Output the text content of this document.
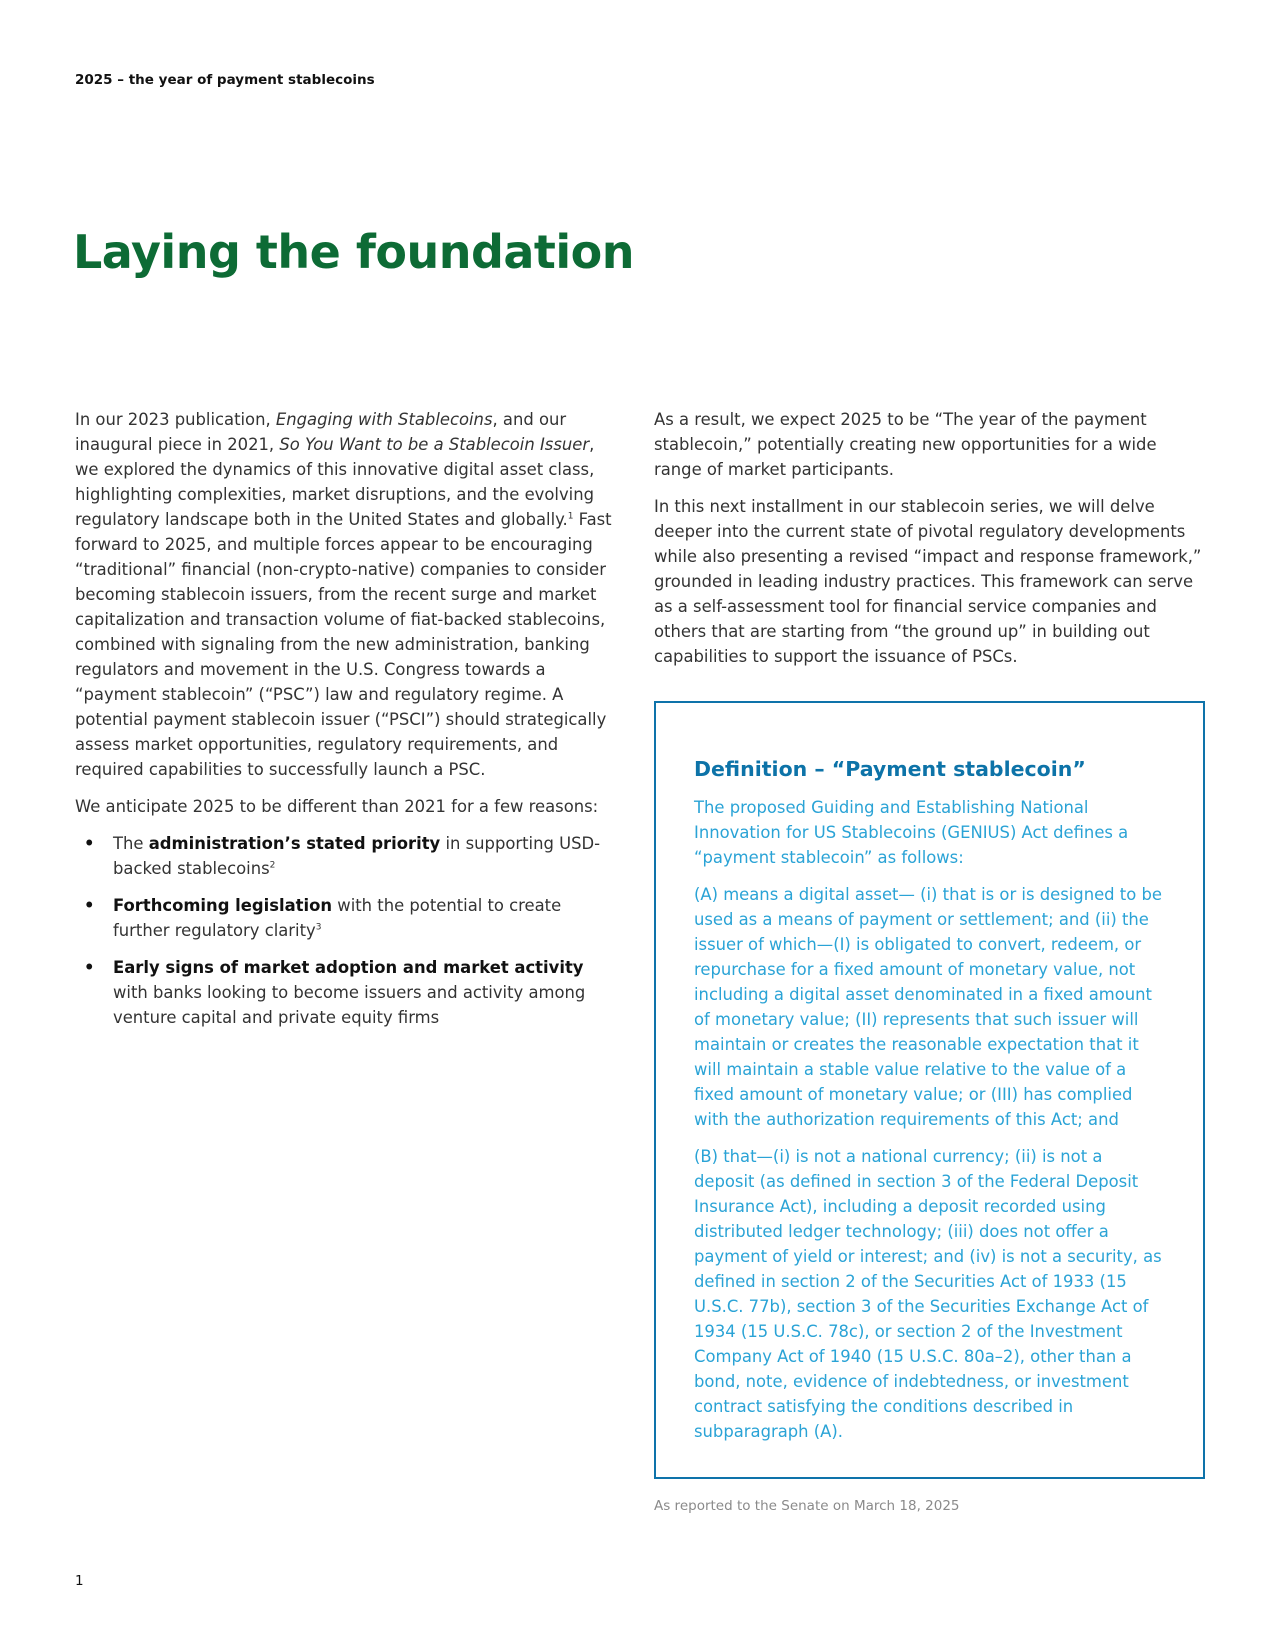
2025 – the year of payment stablecoins
Laying the foundation

In our 2023 publication, Engaging with Stablecoins, and our inaugural piece in 2021, So You Want to be a Stablecoin Issuer, we explored the dynamics of this innovative digital asset class, highlighting complexities, market disruptions, and the evolving regulatory landscape both in the United States and globally.$^1$ Fast forward to 2025, and multiple forces appear to be encouraging “traditional” financial (non-crypto-native) companies to consider becoming stablecoin issuers, from the recent surge and market capitalization and transaction volume of fiat-backed stablecoins, combined with signaling from the new administration, banking regulators and movement in the U.S. Congress towards a “payment stablecoin” (“PSC”) law and regulatory regime. A potential payment stablecoin issuer (“PSCI”) should strategically assess market opportunities, regulatory requirements, and required capabilities to successfully launch a PSC.

We anticipate 2025 to be different than 2021 for a few reasons:

• The administration’s stated priority in supporting USD-backed stablecoins$^2$
• Forthcoming legislation with the potential to create further regulatory clarity$^3$
• Early signs of market adoption and market activity with banks looking to become issuers and activity among venture capital and private equity firms

As a result, we expect 2025 to be “The year of the payment stablecoin,” potentially creating new opportunities for a wide range of market participants.

In this next installment in our stablecoin series, we will delve deeper into the current state of pivotal regulatory developments while also presenting a revised “impact and response framework,” grounded in leading industry practices. This framework can serve as a self-assessment tool for financial service companies and others that are starting from “the ground up” in building out capabilities to support the issuance of PSCs.

Definition – “Payment stablecoin”

The proposed Guiding and Establishing National Innovation for US Stablecoins (GENIUS) Act defines a “payment stablecoin” as follows:

(A) means a digital asset— (i) that is or is designed to be used as a means of payment or settlement; and (ii) the issuer of which—(I) is obligated to convert, redeem, or repurchase for a fixed amount of monetary value, not including a digital asset denominated in a fixed amount of monetary value; (II) represents that such issuer will maintain or creates the reasonable expectation that it will maintain a stable value relative to the value of a fixed amount of monetary value; or (III) has complied with the authorization requirements of this Act; and

(B) that—(i) is not a national currency; (ii) is not a deposit (as defined in section 3 of the Federal Deposit Insurance Act), including a deposit recorded using distributed ledger technology; (iii) does not offer a payment of yield or interest; and (iv) is not a security, as defined in section 2 of the Securities Act of 1933 (15 U.S.C. 77b), section 3 of the Securities Exchange Act of 1934 (15 U.S.C. 78c), or section 2 of the Investment Company Act of 1940 (15 U.S.C. 80a–2), other than a bond, note, evidence of indebtedness, or investment contract satisfying the conditions described in subparagraph (A).

As reported to the Senate on March 18, 2025
1
